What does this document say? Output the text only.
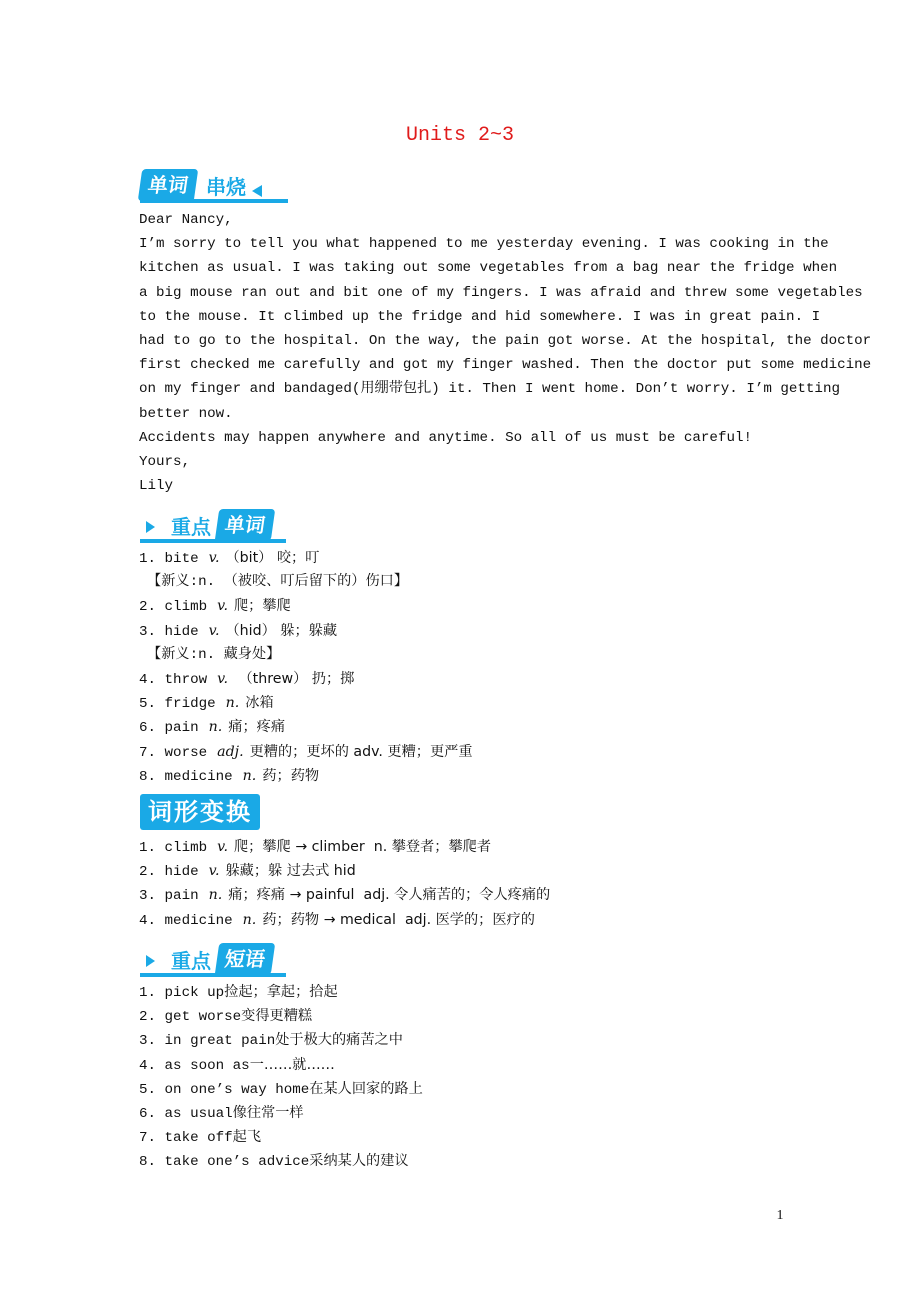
Units 2~3
单词 串烧
Dear Nancy,
I’m sorry to tell you what happened to me yesterday evening. I was cooking in the
kitchen as usual. I was taking out some vegetables from a bag near the fridge when
a big mouse ran out and bit one of my fingers. I was afraid and threw some vegetables
to the mouse. It climbed up the fridge and hid somewhere. I was in great pain. I
had to go to the hospital. On the way, the pain got worse. At the hospital, the doctor
first checked me carefully and got my finger washed. Then the doctor put some medicine
on my finger and bandaged(用绷带包扎) it. Then I went home. Don’t worry. I’m getting
better now.
Accidents may happen anywhere and anytime. So all of us must be careful!
Yours,
Lily
重点 单词
1. bite v. （bit） 咬；叮
【新义:n. （被咬、叮后留下的）伤口】
2. climb v. 爬；攀爬
3. hide v. （hid） 躲；躲藏
【新义:n. 藏身处】
4. throw v. （threw） 扔；掷
5. fridge n. 冰箱
6. pain n. 痛；疼痛
7. worse adj. 更糟的；更坏的 adv. 更糟；更严重
8. medicine n. 药；药物
词形变换
1. climb v. 爬；攀爬 → climber  n. 攀登者；攀爬者
2. hide v. 躲藏；躲 过去式 hid
3. pain n. 痛；疼痛 → painful  adj. 令人痛苦的；令人疼痛的
4. medicine n. 药；药物 → medical  adj. 医学的；医疗的
重点 短语
1. pick up捡起；拿起；拾起
2. get worse变得更糟糕
3. in great pain处于极大的痛苦之中
4. as soon as一……就……
5. on one’s way home在某人回家的路上
6. as usual像往常一样
7. take off起飞
8. take one’s advice采纳某人的建议
1
